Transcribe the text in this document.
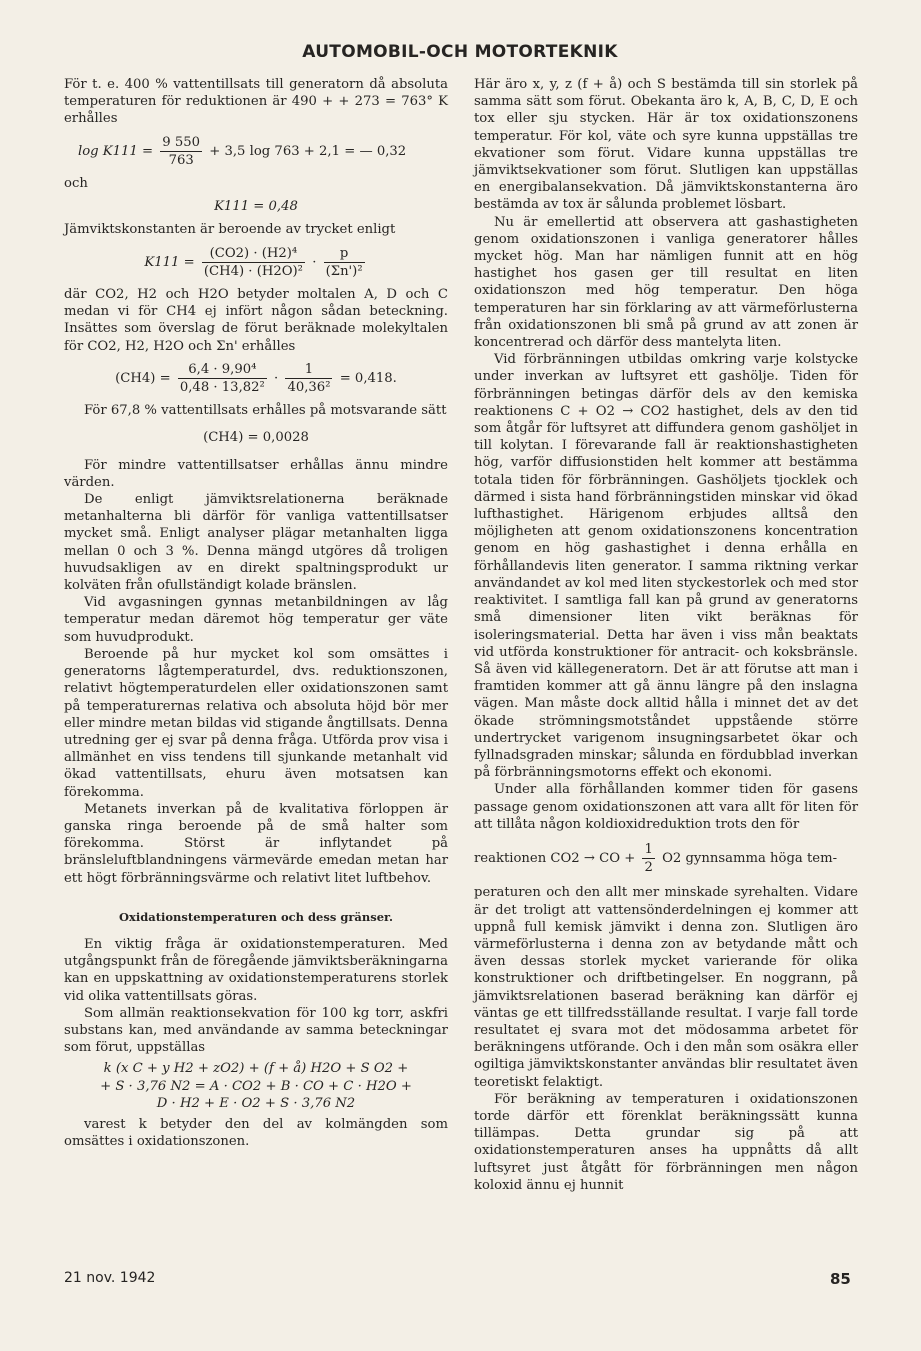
AUTOMOBIL-OCH MOTORTEKNIK

För t. e. 400 % vattentillsats till generatorn då absoluta temperaturen för reduktionen är 490 + + 273 = 763° K erhålles

$\log K111 = \frac{9 550}{763} + 3,5$ log 763 + 2,1 = — 0,32

och

K111 = 0,48

Jämviktskonstanten är beroende av trycket enligt

$K111 = \frac{\text{(CO2) · (H2)⁴}}{\text{(CH4) · (H2O)²}} \cdot \frac{p}{\text{(Σn')²}}$

där CO2, H2 och H2O betyder moltalen A, D och C medan vi för CH4 ej infört någon sådan beteckning. Insättes som överslag de förut beräknade molekyltalen för CO2, H2, H2O och Σn' erhålles

$(CH4) = \frac{\text{6,4 · 9,90⁴}}{\text{0,48 · 13,82²}} \cdot \frac{1}{\text{40,36²}} = 0,418$.

För 67,8 % vattentillsats erhålles på motsvarande sätt

(CH4) = 0,0028

För mindre vattentillsatser erhållas ännu mindre värden.

De enligt jämviktsrelationerna beräknade metanhalterna bli därför för vanliga vattentillsatser mycket små. Enligt analyser plägar metanhalten ligga mellan 0 och 3 %. Denna mängd utgöres då troligen huvudsakligen av en direkt spaltningsprodukt ur kolväten från ofullständigt kolade bränslen.

Vid avgasningen gynnas metanbildningen av låg temperatur medan däremot hög temperatur ger väte som huvudprodukt.

Beroende på hur mycket kol som omsättes i generatorns lågtemperaturdel, dvs. reduktionszonen, relativt högtemperaturdelen eller oxidationszonen samt på temperaturernas relativa och absoluta höjd bör mer eller mindre metan bildas vid stigande ångtillsats. Denna utredning ger ej svar på denna fråga. Utförda prov visa i allmänhet en viss tendens till sjunkande metanhalt vid ökad vattentillsats, ehuru även motsatsen kan förekomma.

Metanets inverkan på de kvalitativa förloppen är ganska ringa beroende på de små halter som förekomma. Störst är inflytandet på bränsleluftblandningens värmevärde emedan metan har ett högt förbränningsvärme och relativt litet luftbehov.

Oxidationstemperaturen och dess gränser.

En viktig fråga är oxidationstemperaturen. Med utgångspunkt från de föregående jämviktsberäkningarna kan en uppskattning av oxidationstemperaturens storlek vid olika vattentillsats göras.

Som allmän reaktionsekvation för 100 kg torr, askfri substans kan, med användande av samma beteckningar som förut, uppställas

k (x C + y H2 + zO2) + (f + å) H2O + S O2 +
+ S · 3,76 N2 = A · CO2 + B · CO + C · H2O +
D · H2 + E · O2 + S · 3,76 N2

varest k betyder den del av kolmängden som omsättes i oxidationszonen.

Här äro x, y, z (f + å) och S bestämda till sin storlek på samma sätt som förut. Obekanta äro k, A, B, C, D, E och tox eller sju stycken. Här är tox oxidationszonens temperatur. För kol, väte och syre kunna uppställas tre ekvationer som förut. Vidare kunna uppställas tre jämviktsekvationer som förut. Slutligen kan uppställas en energibalansekvation. Då jämviktskonstanterna äro bestämda av tox är sålunda problemet lösbart.

Nu är emellertid att observera att gashastigheten genom oxidationszonen i vanliga generatorer hålles mycket hög. Man har nämligen funnit att en hög hastighet hos gasen ger till resultat en liten oxidationszon med hög temperatur. Den höga temperaturen har sin förklaring av att värmeförlusterna från oxidationszonen bli små på grund av att zonen är koncentrerad och därför dess mantelyta liten.

Vid förbränningen utbildas omkring varje kolstycke under inverkan av luftsyret ett gashölje. Tiden för förbränningen betingas därför dels av den kemiska reaktionens C + O2 → CO2 hastighet, dels av den tid som åtgår för luftsyret att diffundera genom gashöljet in till kolytan. I förevarande fall är reaktionshastigheten hög, varför diffusionstiden helt kommer att bestämma totala tiden för förbränningen. Gashöljets tjocklek och därmed i sista hand förbränningstiden minskar vid ökad lufthastighet. Härigenom erbjudes alltså den möjligheten att genom oxidationszonens koncentration genom en hög gashastighet i denna erhålla en förhållandevis liten generator. I samma riktning verkar användandet av kol med liten styckestorlek och med stor reaktivitet. I samtliga fall kan på grund av generatorns små dimensioner liten vikt beräknas för isoleringsmaterial. Detta har även i viss mån beaktats vid utförda konstruktioner för antracit- och koksbränsle. Så även vid källegeneratorn. Det är att förutse att man i framtiden kommer att gå ännu längre på den inslagna vägen. Man måste dock alltid hålla i minnet det av det ökade strömningsmotståndet uppstående större undertrycket varigenom insugningsarbetet ökar och fyllnadsgraden minskar; sålunda en fördubblad inverkan på förbränningsmotorns effekt och ekonomi.

Under alla förhållanden kommer tiden för gasens passage genom oxidationszonen att vara allt för liten för att tillåta någon koldioxidreduktion trots den för

reaktionen CO2 → CO + $\frac{1}{2} O2$ gynnsamma höga tem-

peraturen och den allt mer minskade syrehalten. Vidare är det troligt att vattensönderdelningen ej kommer att uppnå full kemisk jämvikt i denna zon. Slutligen äro värmeförlusterna i denna zon av betydande mått och även dessas storlek mycket varierande för olika konstruktioner och driftbetingelser. En noggrann, på jämviktsrelationen baserad beräkning kan därför ej väntas ge ett tillfredsställande resultat. I varje fall torde resultatet ej svara mot det mödosamma arbetet för beräkningens utförande. Och i den mån som osäkra eller ogiltiga jämviktskonstanter användas blir resultatet även teoretiskt felaktigt.

För beräkning av temperaturen i oxidationszonen torde därför ett förenklat beräkningssätt kunna tillämpas. Detta grundar sig på att oxidationstemperaturen anses ha uppnåtts då allt luftsyret just åtgått för förbränningen men någon koloxid ännu ej hunnit

21 nov. 1942	85
